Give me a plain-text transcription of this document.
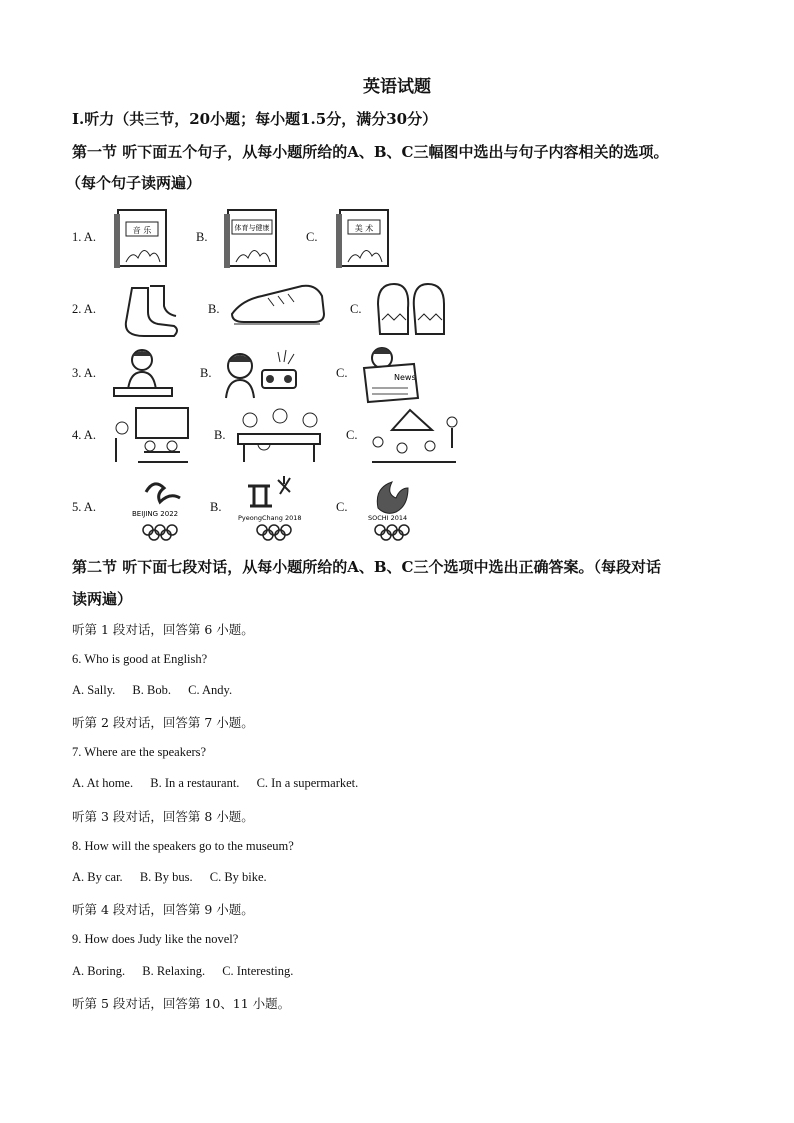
英语试题
I.听力（共三节，20小题；每小题1.5分，满分30分）
第一节 听下面五个句子，从每小题所给的A、B、C三幅图中选出与句子内容相关的选项。
（每个句子读两遍）
1. A.	音 乐	B.
体育与健康
C.
美 术
2. A.	B.	C.
3. A.	B.	C.	News
4. A.	B.	C.
5. A.	BEIJING 2022	B.
PyeongChang 2018
C.
SOCHI 2014
第二节 听下面七段对话，从每小题所给的A、B、C三个选项中选出正确答案。（每段对话
读两遍）
听第 1 段对话，回答第 6 小题。
6. Who is good at English?
A. Sally. B. Bob. C. Andy.
听第 2 段对话，回答第 7 小题。
7. Where are the speakers?
A. At home. B. In a restaurant. C. In a supermarket.
听第 3 段对话，回答第 8 小题。
8. How will the speakers go to the museum?
A. By car. B. By bus. C. By bike.
听第 4 段对话，回答第 9 小题。
9. How does Judy like the novel?
A. Boring. B. Relaxing. C. Interesting.
听第 5 段对话，回答第 10、11 小题。
